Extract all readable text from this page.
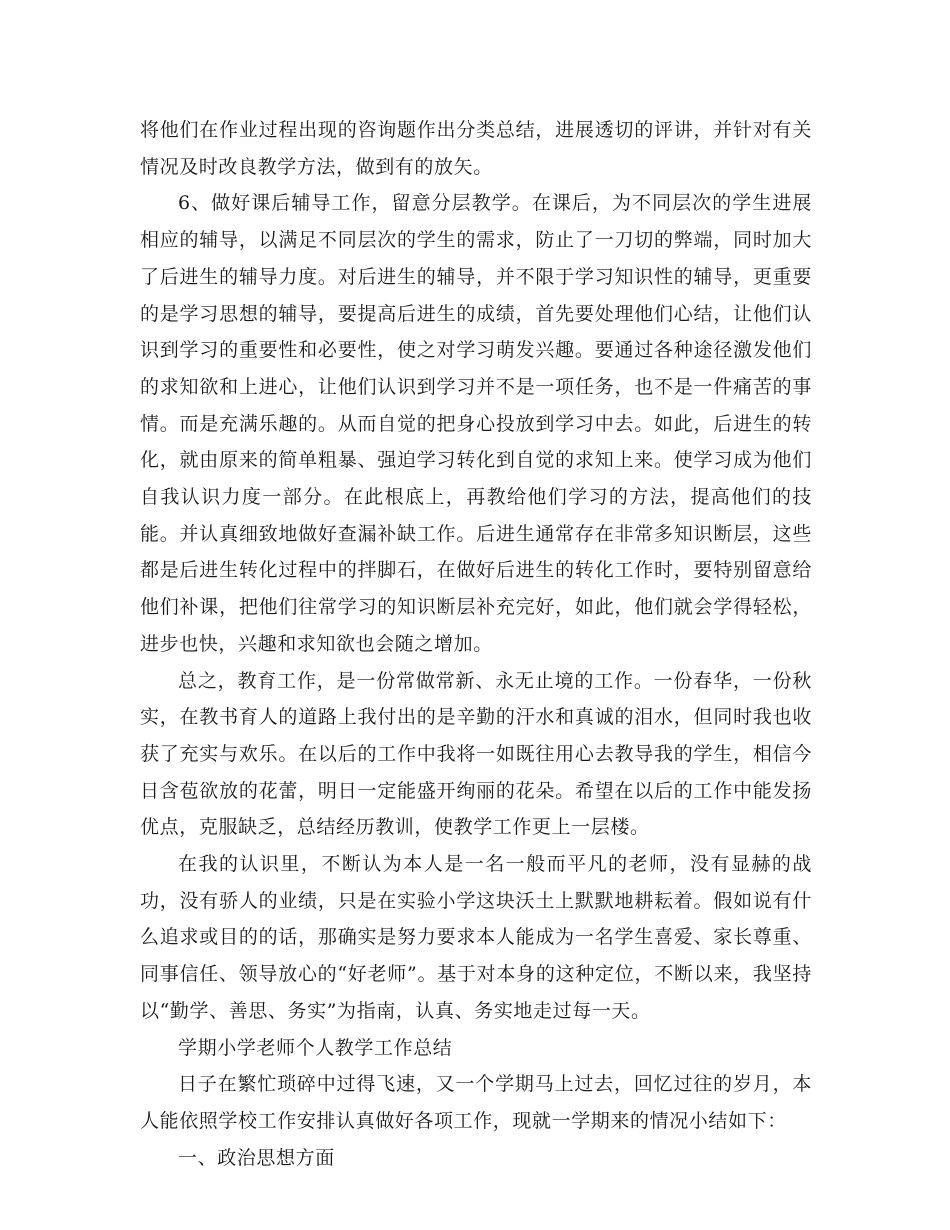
将他们在作业过程出现的咨询题作出分类总结，进展透切的评讲，并针对有关情况及时改良教学方法，做到有的放矢。

6、做好课后辅导工作，留意分层教学。在课后，为不同层次的学生进展相应的辅导，以满足不同层次的学生的需求，防止了一刀切的弊端，同时加大了后进生的辅导力度。对后进生的辅导，并不限于学习知识性的辅导，更重要的是学习思想的辅导，要提高后进生的成绩，首先要处理他们心结，让他们认识到学习的重要性和必要性，使之对学习萌发兴趣。要通过各种途径激发他们的求知欲和上进心，让他们认识到学习并不是一项任务，也不是一件痛苦的事情。而是充满乐趣的。从而自觉的把身心投放到学习中去。如此，后进生的转化，就由原来的简单粗暴、强迫学习转化到自觉的求知上来。使学习成为他们自我认识力度一部分。在此根底上，再教给他们学习的方法，提高他们的技能。并认真细致地做好查漏补缺工作。后进生通常存在非常多知识断层，这些都是后进生转化过程中的拌脚石，在做好后进生的转化工作时，要特别留意给他们补课，把他们往常学习的知识断层补充完好，如此，他们就会学得轻松，进步也快，兴趣和求知欲也会随之增加。

总之，教育工作，是一份常做常新、永无止境的工作。一份春华，一份秋实，在教书育人的道路上我付出的是辛勤的汗水和真诚的泪水，但同时我也收获了充实与欢乐。在以后的工作中我将一如既往用心去教导我的学生，相信今日含苞欲放的花蕾，明日一定能盛开绚丽的花朵。希望在以后的工作中能发扬优点，克服缺乏，总结经历教训，使教学工作更上一层楼。

在我的认识里，不断认为本人是一名一般而平凡的老师，没有显赫的战功，没有骄人的业绩，只是在实验小学这块沃土上默默地耕耘着。假如说有什么追求或目的的话，那确实是努力要求本人能成为一名学生喜爱、家长尊重、同事信任、领导放心的“好老师”。基于对本身的这种定位，不断以来，我坚持以“勤学、善思、务实”为指南，认真、务实地走过每一天。

学期小学老师个人教学工作总结

日子在繁忙琐碎中过得飞速，又一个学期马上过去，回忆过往的岁月，本人能依照学校工作安排认真做好各项工作，现就一学期来的情况小结如下：

一、政治思想方面
